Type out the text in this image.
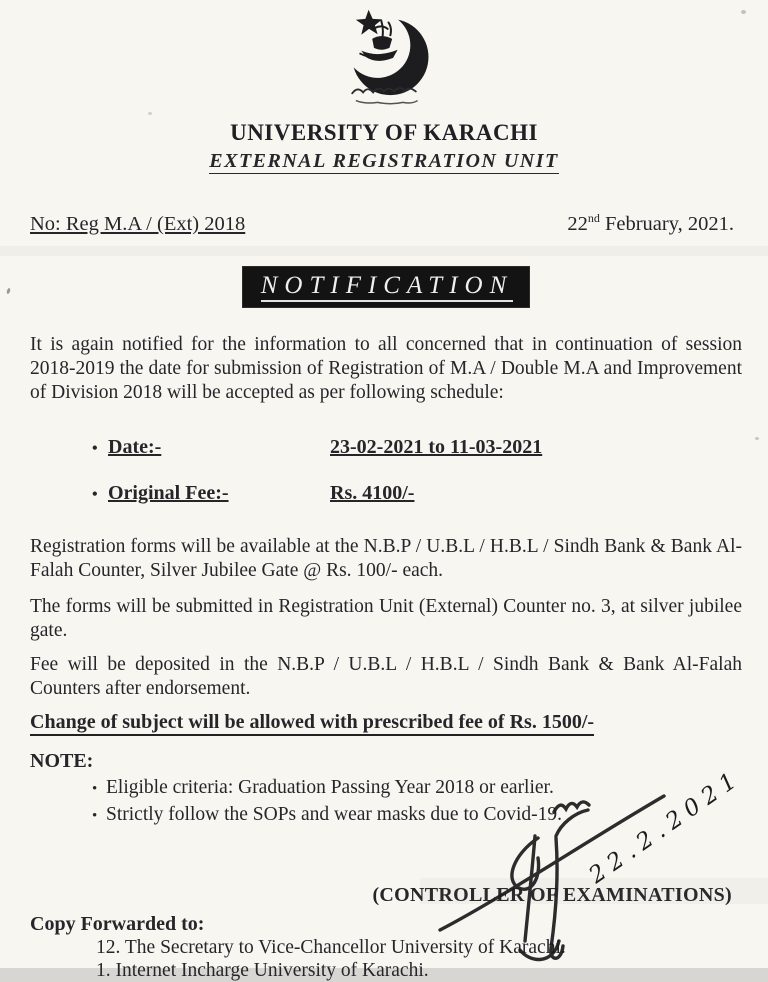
UNIVERSITY OF KARACHI
EXTERNAL REGISTRATION UNIT
No: Reg M.A / (Ext) 2018	22nd February, 2021.
NOTIFICATION

It is again notified for the information to all concerned that in continuation of session 2018-2019 the date for submission of Registration of M.A / Double M.A and Improvement of Division 2018 will be accepted as per following schedule:

• Date:-	23-02-2021 to 11-03-2021
• Original Fee:-	Rs. 4100/-

Registration forms will be available at the N.B.P / U.B.L / H.B.L / Sindh Bank & Bank Al-Falah Counter, Silver Jubilee Gate @ Rs. 100/- each.

The forms will be submitted in Registration Unit (External) Counter no. 3, at silver jubilee gate.

Fee will be deposited in the N.B.P / U.B.L / H.B.L / Sindh Bank & Bank Al-Falah Counters after endorsement.

Change of subject will be allowed with prescribed fee of Rs. 1500/-
NOTE:
• Eligible criteria: Graduation Passing Year 2018 or earlier.
• Strictly follow the SOPs and wear masks due to Covid-19.
(CONTROLLER OF EXAMINATIONS)
Copy Forwarded to:
12. The Secretary to Vice-Chancellor University of Karachi.
1. Internet Incharge University of Karachi.
22.2.2021
